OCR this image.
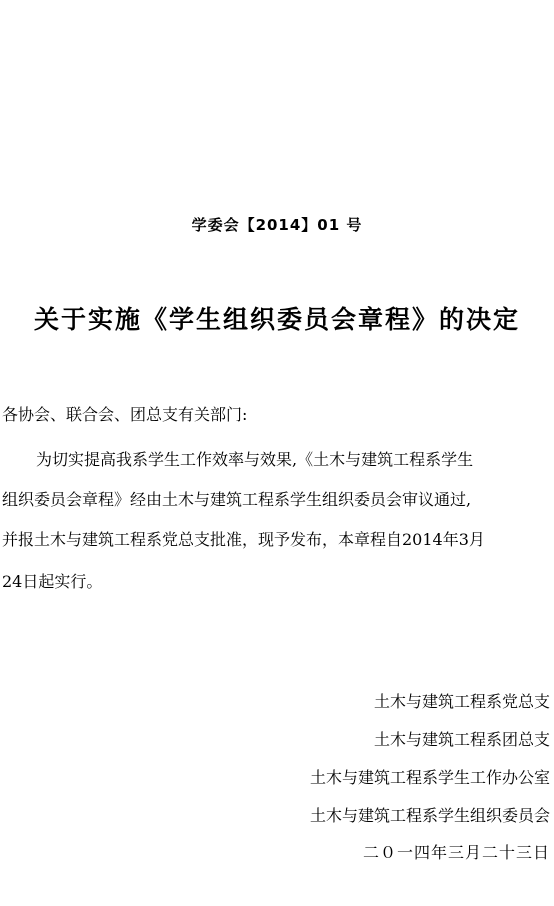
学委会【2014】01 号
关于实施《学生组织委员会章程》的决定
各协会、联合会、团总支有关部门:
为切实提高我系学生工作效率与效果,《土木与建筑工程系学生
组织委员会章程》经由土木与建筑工程系学生组织委员会审议通过,
并报土木与建筑工程系党总支批准，现予发布，本章程自2014年3月
24日起实行。
土木与建筑工程系党总支
土木与建筑工程系团总支
土木与建筑工程系学生工作办公室
土木与建筑工程系学生组织委员会
二０一四年三月二十三日
